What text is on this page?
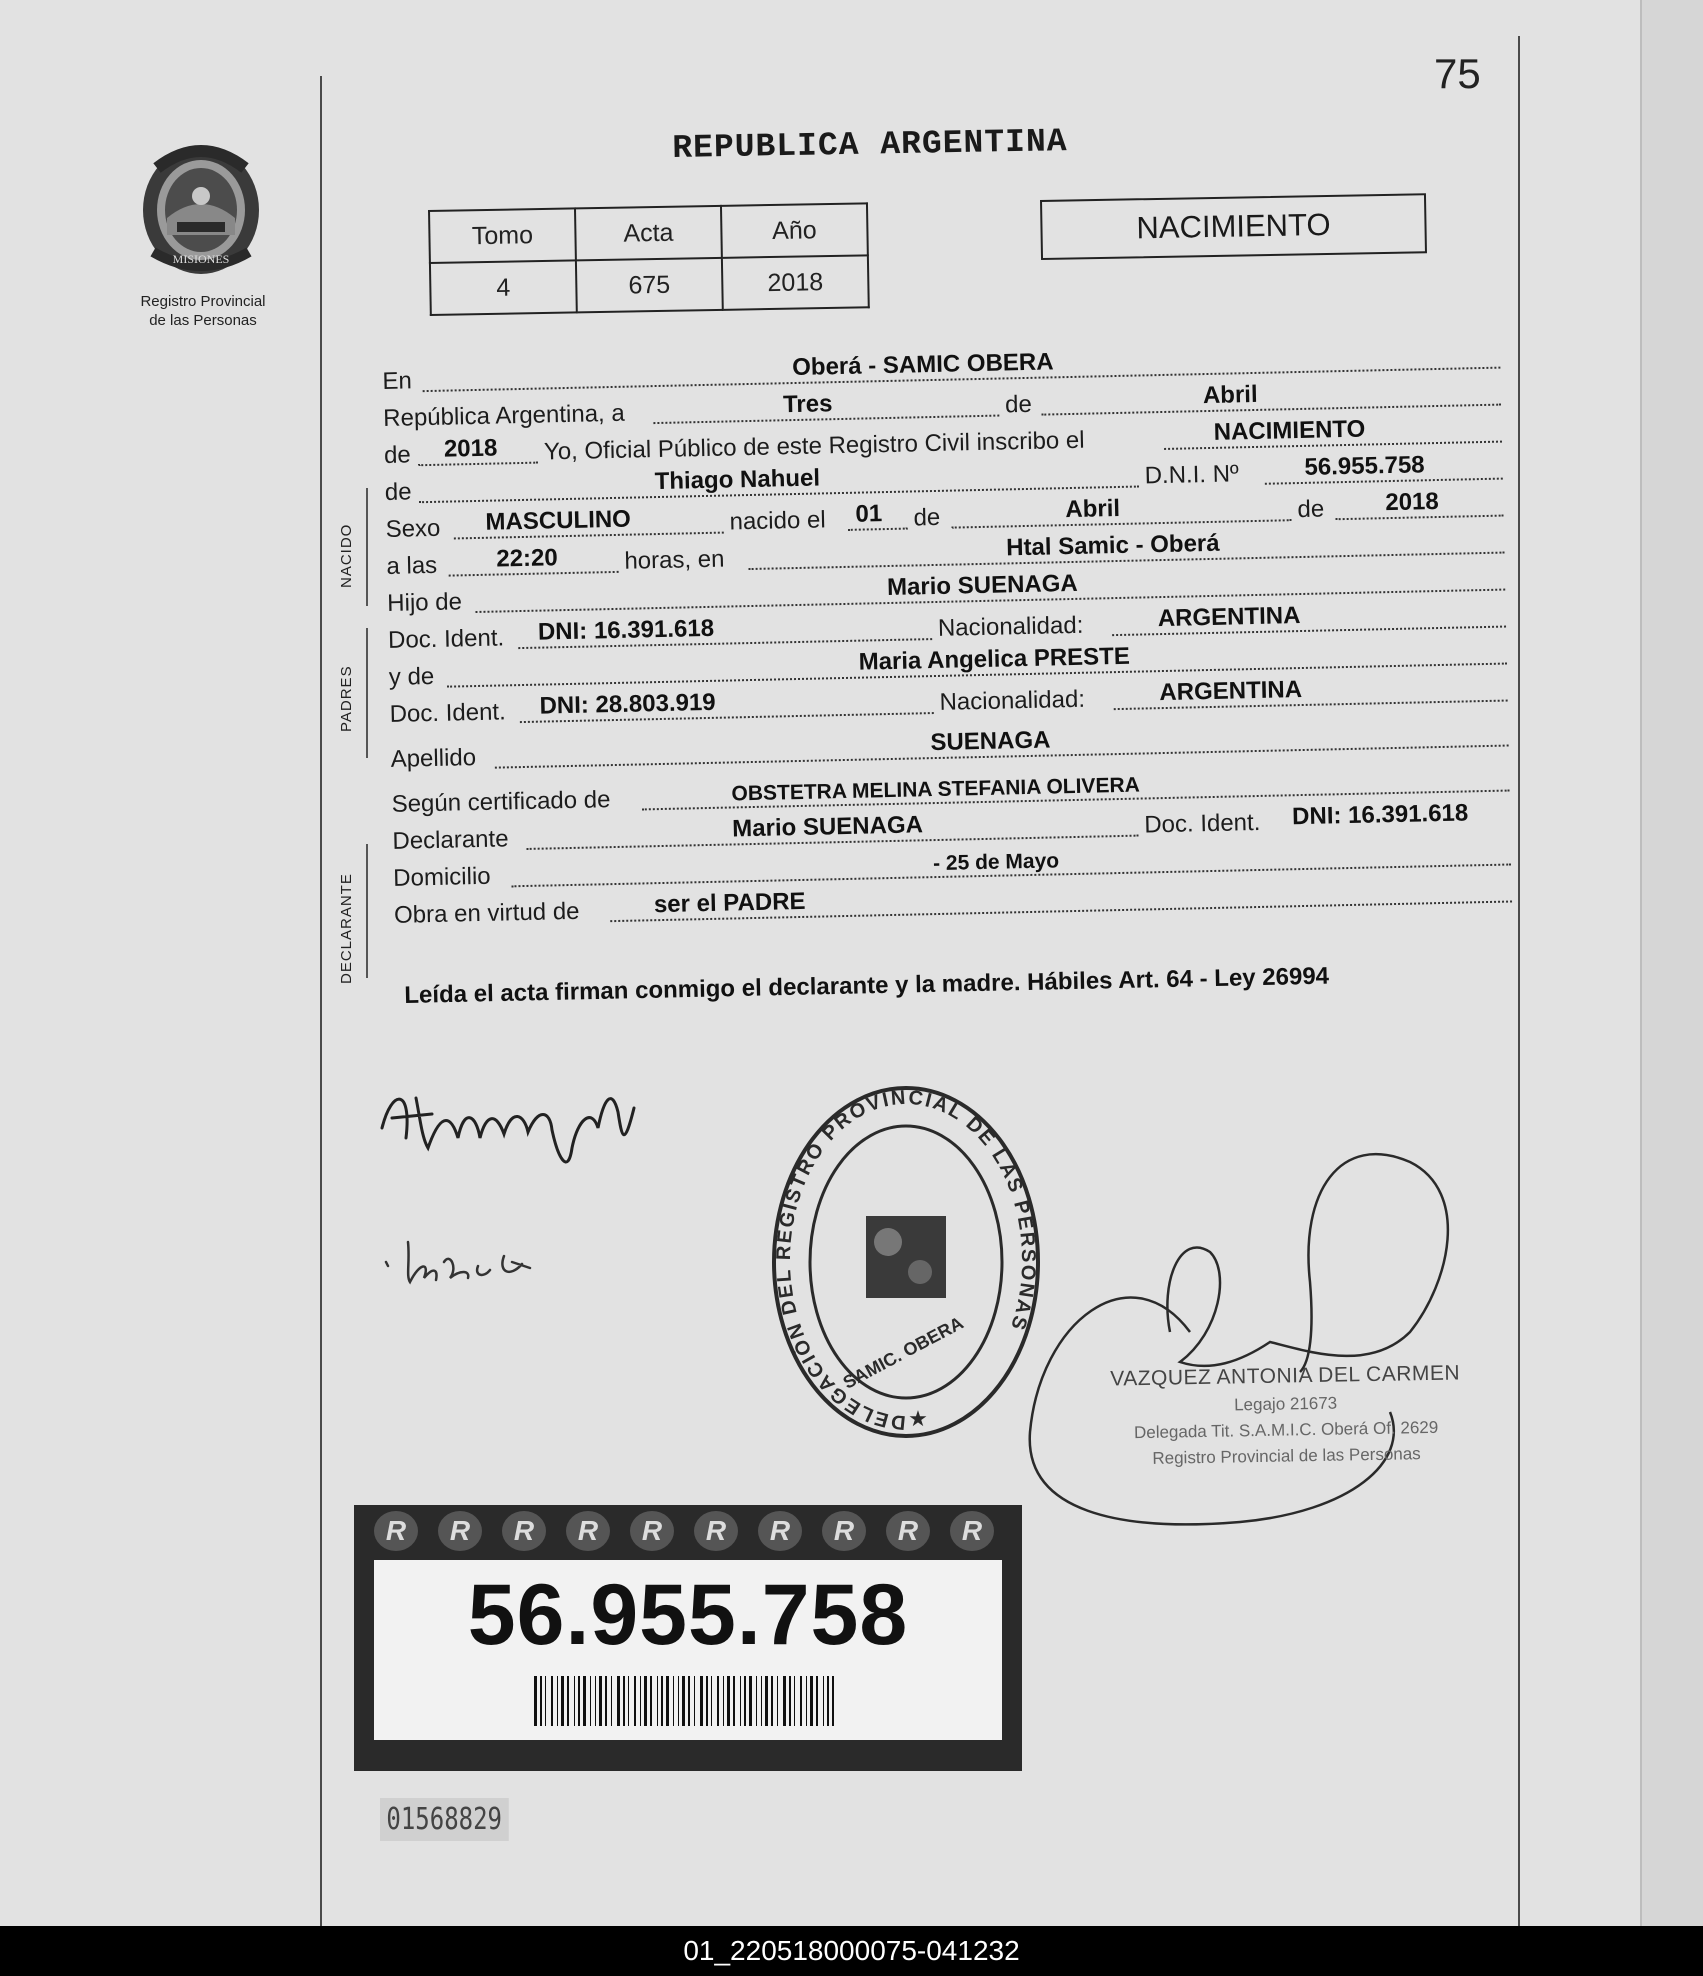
75
MISIONES
Registro Provincial
de las Personas
REPUBLICA ARGENTINA
Tomo	Acta	Año
4	675	2018
NACIMIENTO
NACIDO
PADRES
DECLARANTE
En
Oberá - SAMIC OBERA
República Argentina, a	Tres	de	Abril
de 2018 Yo, Oficial Público de este Registro Civil inscribo el	NACIMIENTO
de	Thiago Nahuel	D.N.I. Nº	56.955.758
Sexo MASCULINO	nacido el 01 de	Abril	de	2018
a las 22:20	horas, en	Htal Samic - Oberá
Hijo de
Mario SUENAGA
Doc. Ident. DNI: 16.391.618	Nacionalidad:	ARGENTINA
y de
Maria Angelica PRESTE
Doc. Ident. DNI: 28.803.919	Nacionalidad:	ARGENTINA
Apellido
SUENAGA
Según certificado de	OBSTETRA MELINA STEFANIA OLIVERA
Declarante	Mario SUENAGA	Doc. Ident. DNI: 16.391.618
Domicilio
- 25 de Mayo
Obra en virtud de	ser el PADRE
Leída el acta firman conmigo el declarante y la madre. Hábiles Art. 64 - Ley 26994
DELEGACIÓN DEL REGISTRO PROVINCIAL DE LAS PERSONAS
SAMIC. OBERA
★
VAZQUEZ ANTONIA DEL CARMEN
Legajo 21673
Delegada Tit. S.A.M.I.C. Oberá Of. 2629
Registro Provincial de las Personas
R	R	R	R	R	R	R	R	R	R
56.955.758
01568829
01_220518000075-041232
